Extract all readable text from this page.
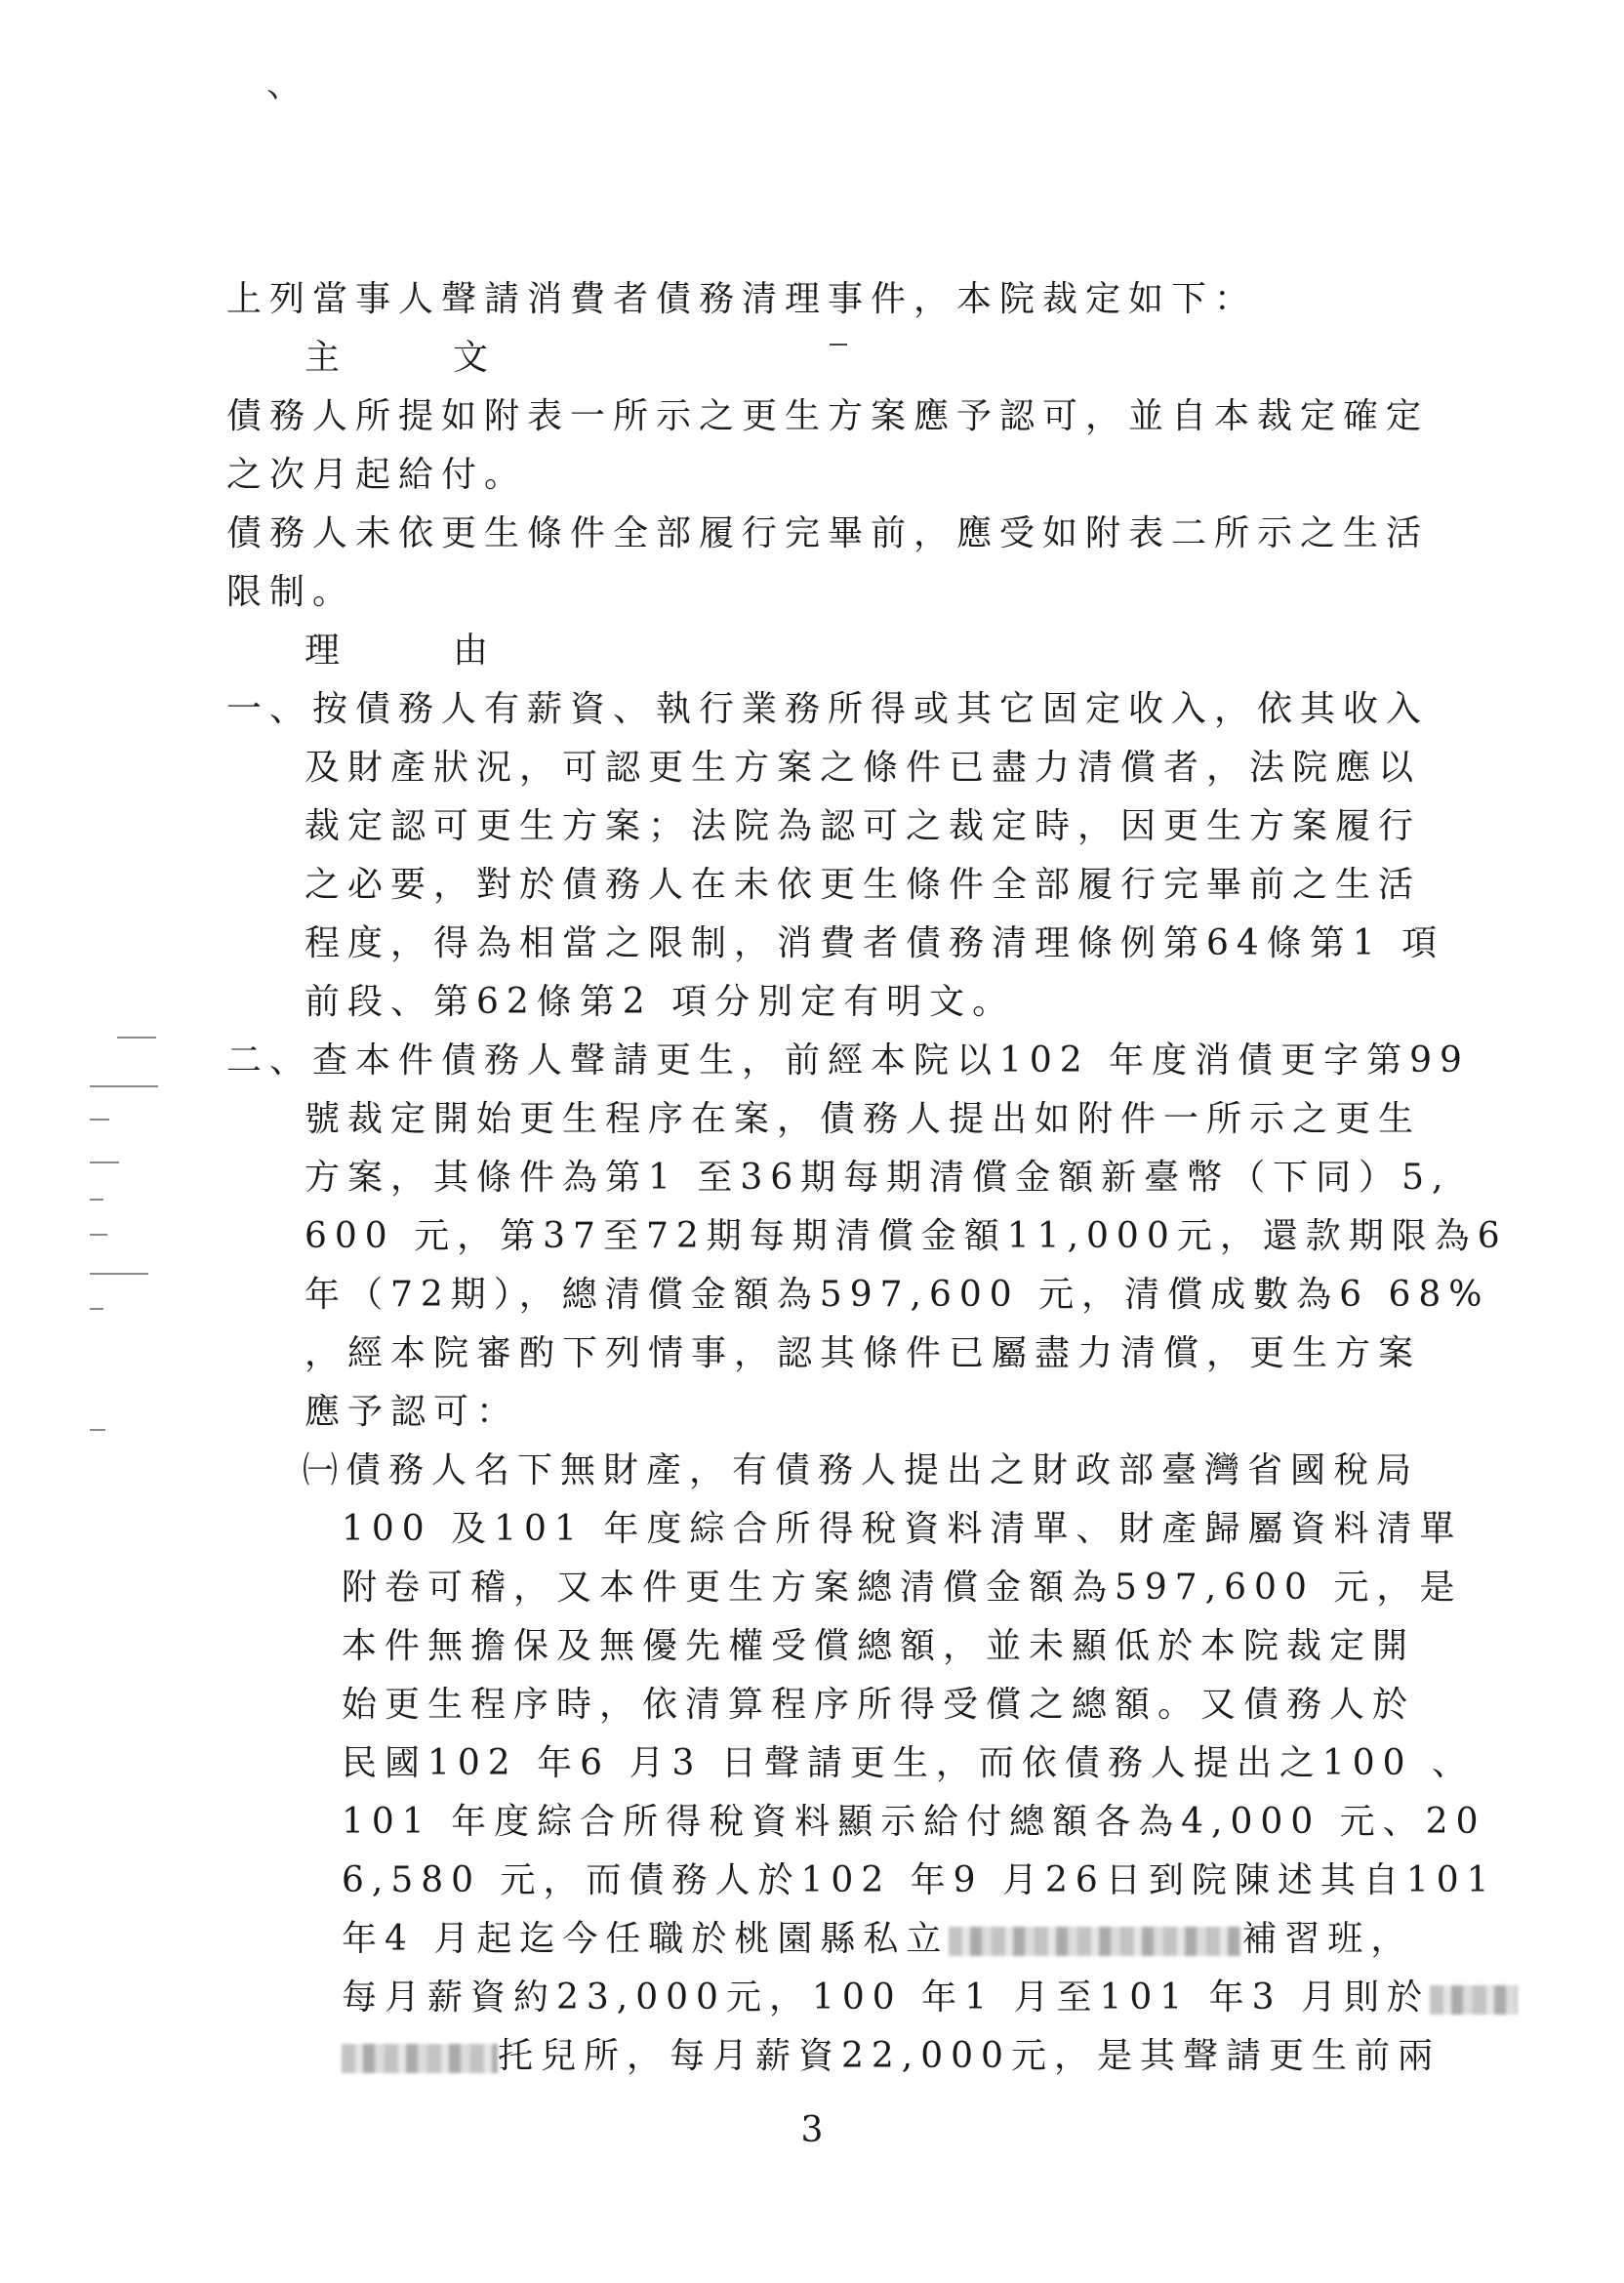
丶
上列當事人聲請消費者債務清理事件，本院裁定如下：
主　文
債務人所提如附表一所示之更生方案應予認可，並自本裁定確定
之次月起給付。
債務人未依更生條件全部履行完畢前，應受如附表二所示之生活
限制。
理　由
一、按債務人有薪資、執行業務所得或其它固定收入，依其收入
及財產狀況，可認更生方案之條件已盡力清償者，法院應以
裁定認可更生方案；法院為認可之裁定時，因更生方案履行
之必要，對於債務人在未依更生條件全部履行完畢前之生活
程度，得為相當之限制，消費者債務清理條例第64條第1 項
前段、第62條第2 項分別定有明文。
二、查本件債務人聲請更生，前經本院以102 年度消債更字第99
號裁定開始更生程序在案，債務人提出如附件一所示之更生
方案，其條件為第1 至36期每期清償金額新臺幣（下同）5,
600 元，第37至72期每期清償金額11,000元，還款期限為6
年（72期），總清償金額為597,600 元，清償成數為6 68%
，經本院審酌下列情事，認其條件已屬盡力清償，更生方案
應予認可：
㈠債務人名下無財產，有債務人提出之財政部臺灣省國稅局
100 及101 年度綜合所得稅資料清單、財產歸屬資料清單
附卷可稽，又本件更生方案總清償金額為597,600 元，是
本件無擔保及無優先權受償總額，並未顯低於本院裁定開
始更生程序時，依清算程序所得受償之總額。又債務人於
民國102 年6 月3 日聲請更生，而依債務人提出之100 、
101 年度綜合所得稅資料顯示給付總額各為4,000 元、20
6,580 元，而債務人於102 年9 月26日到院陳述其自101
年4 月起迄今任職於桃園縣私立	補習班，
每月薪資約23,000元，100 年1 月至101 年3 月則於
托兒所，每月薪資22,000元，是其聲請更生前兩
3
